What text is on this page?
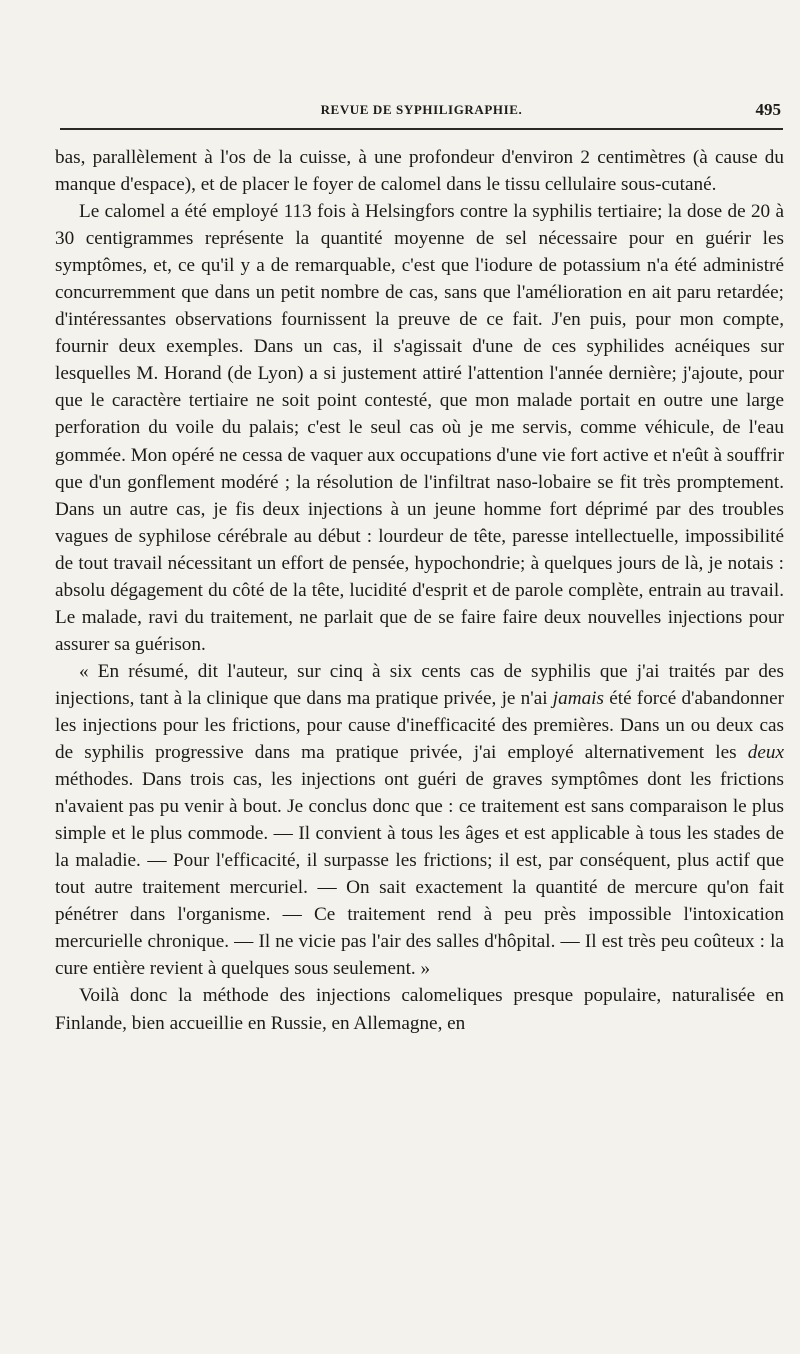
REVUE DE SYPHILIGRAPHIE.	495

bas, parallèlement à l'os de la cuisse, à une profondeur d'environ 2 centimètres (à cause du manque d'espace), et de placer le foyer de calomel dans le tissu cellulaire sous-cutané.

Le calomel a été employé 113 fois à Helsingfors contre la syphilis tertiaire; la dose de 20 à 30 centigrammes représente la quantité moyenne de sel nécessaire pour en guérir les symptômes, et, ce qu'il y a de remarquable, c'est que l'iodure de potassium n'a été administré concurremment que dans un petit nombre de cas, sans que l'amélioration en ait paru retardée; d'intéressantes observations fournissent la preuve de ce fait. J'en puis, pour mon compte, fournir deux exemples. Dans un cas, il s'agissait d'une de ces syphilides acnéiques sur lesquelles M. Horand (de Lyon) a si justement attiré l'attention l'année dernière; j'ajoute, pour que le caractère tertiaire ne soit point contesté, que mon malade portait en outre une large perforation du voile du palais; c'est le seul cas où je me servis, comme véhicule, de l'eau gommée. Mon opéré ne cessa de vaquer aux occupations d'une vie fort active et n'eût à souffrir que d'un gonflement modéré ; la résolution de l'infiltrat naso-lobaire se fit très promptement. Dans un autre cas, je fis deux injections à un jeune homme fort déprimé par des troubles vagues de syphilose cérébrale au début : lourdeur de tête, paresse intellectuelle, impossibilité de tout travail nécessitant un effort de pensée, hypochondrie; à quelques jours de là, je notais : absolu dégagement du côté de la tête, lucidité d'esprit et de parole complète, entrain au travail. Le malade, ravi du traitement, ne parlait que de se faire faire deux nouvelles injections pour assurer sa guérison.

« En résumé, dit l'auteur, sur cinq à six cents cas de syphilis que j'ai traités par des injections, tant à la clinique que dans ma pratique privée, je n'ai jamais été forcé d'abandonner les injections pour les frictions, pour cause d'inefficacité des premières. Dans un ou deux cas de syphilis progressive dans ma pratique privée, j'ai employé alternativement les deux méthodes. Dans trois cas, les injections ont guéri de graves symptômes dont les frictions n'avaient pas pu venir à bout. Je conclus donc que : ce traitement est sans comparaison le plus simple et le plus commode. — Il convient à tous les âges et est applicable à tous les stades de la maladie. — Pour l'efficacité, il surpasse les frictions; il est, par conséquent, plus actif que tout autre traitement mercuriel. — On sait exactement la quantité de mercure qu'on fait pénétrer dans l'organisme. — Ce traitement rend à peu près impossible l'intoxication mercurielle chronique. — Il ne vicie pas l'air des salles d'hôpital. — Il est très peu coûteux : la cure entière revient à quelques sous seulement. »

Voilà donc la méthode des injections calomeliques presque populaire, naturalisée en Finlande, bien accueillie en Russie, en Allemagne, en
